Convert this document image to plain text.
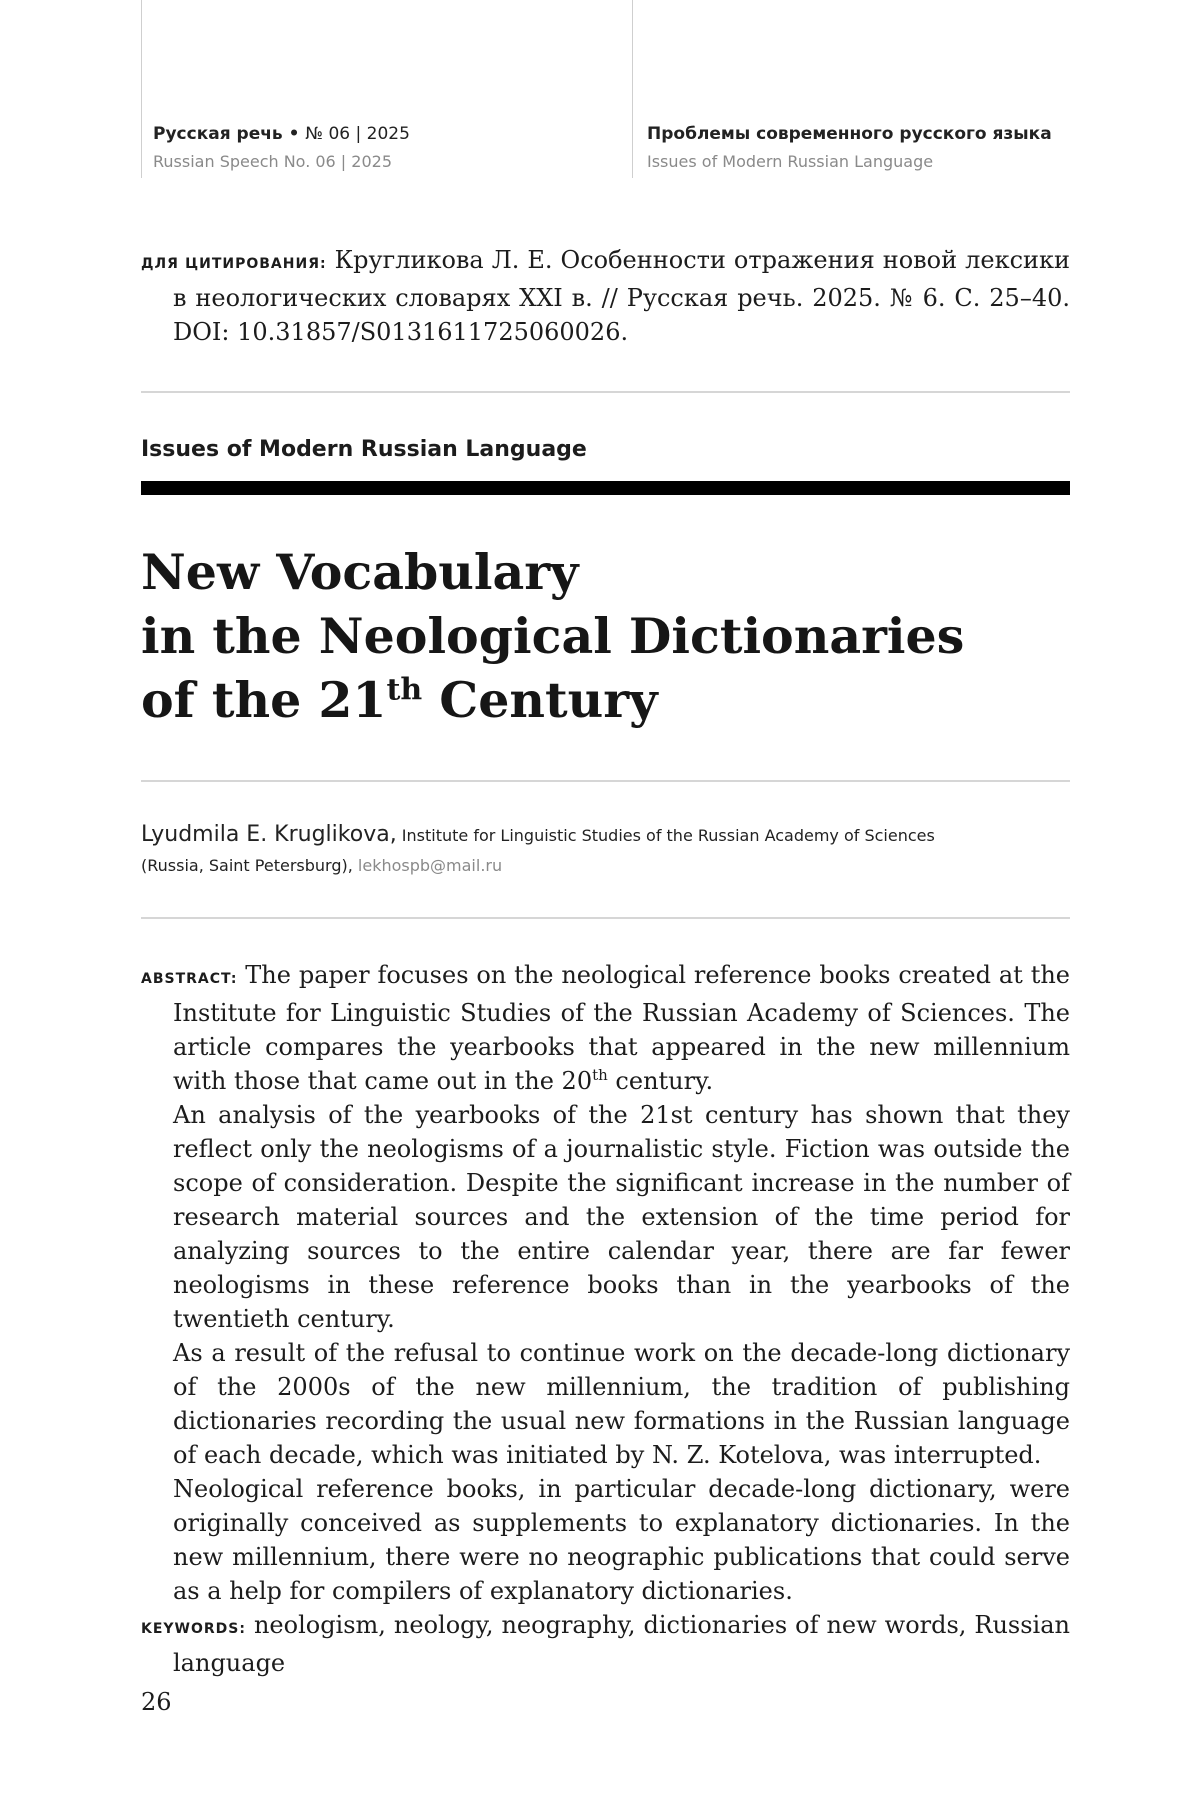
Русская речь • № 06 | 2025
Russian Speech No. 06 | 2025
Проблемы современного русского языка
Issues of Modern Russian Language

ДЛЯ ЦИТИРОВАНИЯ: Кругликова Л. Е. Особенности отражения новой лексики в неологических словарях XXI в. // Русская речь. 2025. № 6. С. 25–40. DOI: 10.31857/S0131611725060026.

Issues of Modern Russian Language
New Vocabulary
in the Neological Dictionaries
of the 21th Century
Lyudmila E. Kruglikova, Institute for Linguistic Studies of the Russian Academy of Sciences
(Russia, Saint Petersburg), lekhospb@mail.ru

ABSTRACT: The paper focuses on the neological reference books created at the Institute for Linguistic Studies of the Russian Academy of Sciences. The article compares the yearbooks that appeared in the new millennium with those that came out in the 20th century.

An analysis of the yearbooks of the 21st century has shown that they reflect only the neologisms of a journalistic style. Fiction was outside the scope of consideration. Despite the significant increase in the number of research material sources and the extension of the time period for analyzing sources to the entire calendar year, there are far fewer neologisms in these reference books than in the yearbooks of the twentieth century.

As a result of the refusal to continue work on the decade-long dictionary of the 2000s of the new millennium, the tradition of publishing dictionaries recording the usual new formations in the Russian language of each decade, which was initiated by N. Z. Kotelova, was interrupted.

Neological reference books, in particular decade-long dictionary, were originally conceived as supplements to explanatory dictionaries. In the new millennium, there were no neographic publications that could serve as a help for compilers of explanatory dictionaries.

KEYWORDS: neologism, neology, neography, dictionaries of new words, Russian language

26
